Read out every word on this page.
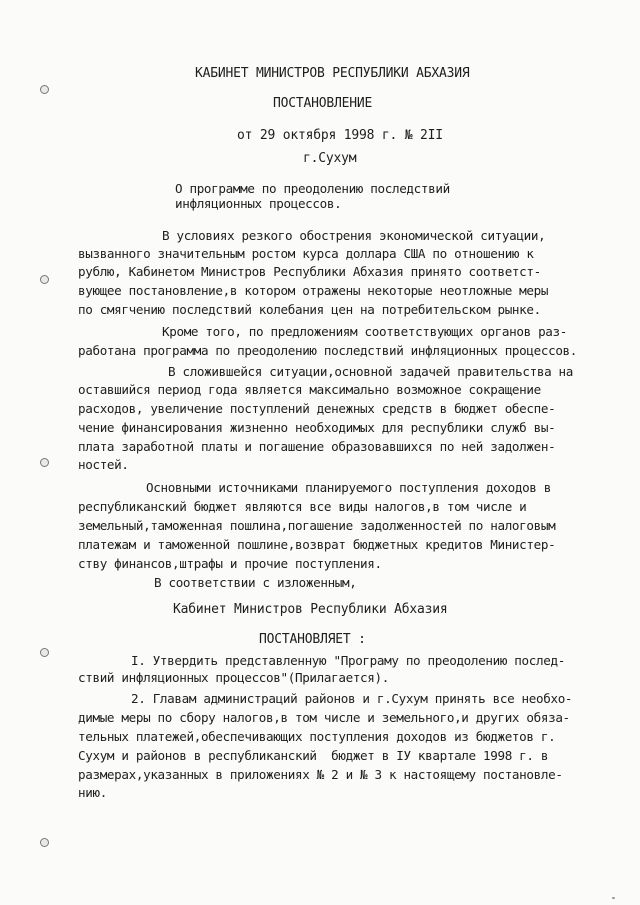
КАБИНЕТ МИНИСТРОВ РЕСПУБЛИКИ АБХАЗИЯ
ПОСТАНОВЛЕНИЕ
от 29 октября 1998 г. № 2II
г.Сухум
О программе по преодолению последствий
инфляционных процессов.
В условиях резкого обострения экономической ситуации,
вызванного значительным ростом курса доллара США по отношению к
рублю, Кабинетом Министров Республики Абхазия принято соответст-
вующее постановление,в котором отражены некоторые неотложные меры
по смягчению последствий колебания цен на потребительском рынке.
Кроме того, по предложениям соответствующих органов раз-
работана программа по преодолению последствий инфляционных процессов.
В сложившейся ситуации,основной задачей правительства на
оставшийся период года является максимально возможное сокращение
расходов, увеличение поступлений денежных средств в бюджет обеспе-
чение финансирования жизненно необходимых для республики служб вы-
плата заработной платы и погашение образовавшихся по ней задолжен-
ностей.
Основными источниками планируемого поступления доходов в
республиканский бюджет являются все виды налогов,в том числе и
земельный,таможенная пошлина,погашение задолженностей по налоговым
платежам и таможенной пошлине,возврат бюджетных кредитов Министер-
ству финансов,штрафы и прочие поступления.
В соответствии с изложенным,
Кабинет Министров Республики Абхазия
ПОСТАНОВЛЯЕТ :
I. Утвердить представленную "Програму по преодолению послед-
ствий инфляционных процессов"(Прилагается).
2. Главам администраций районов и г.Сухум принять все необхо-
димые меры по сбору налогов,в том числе и земельного,и других обяза-
тельных платежей,обеспечивающих поступления доходов из бюджетов г.
Сухум и районов в республиканский  бюджет в IУ квартале 1998 г. в
размерах,указанных в приложениях № 2 и № 3 к настоящему постановле-
нию.
